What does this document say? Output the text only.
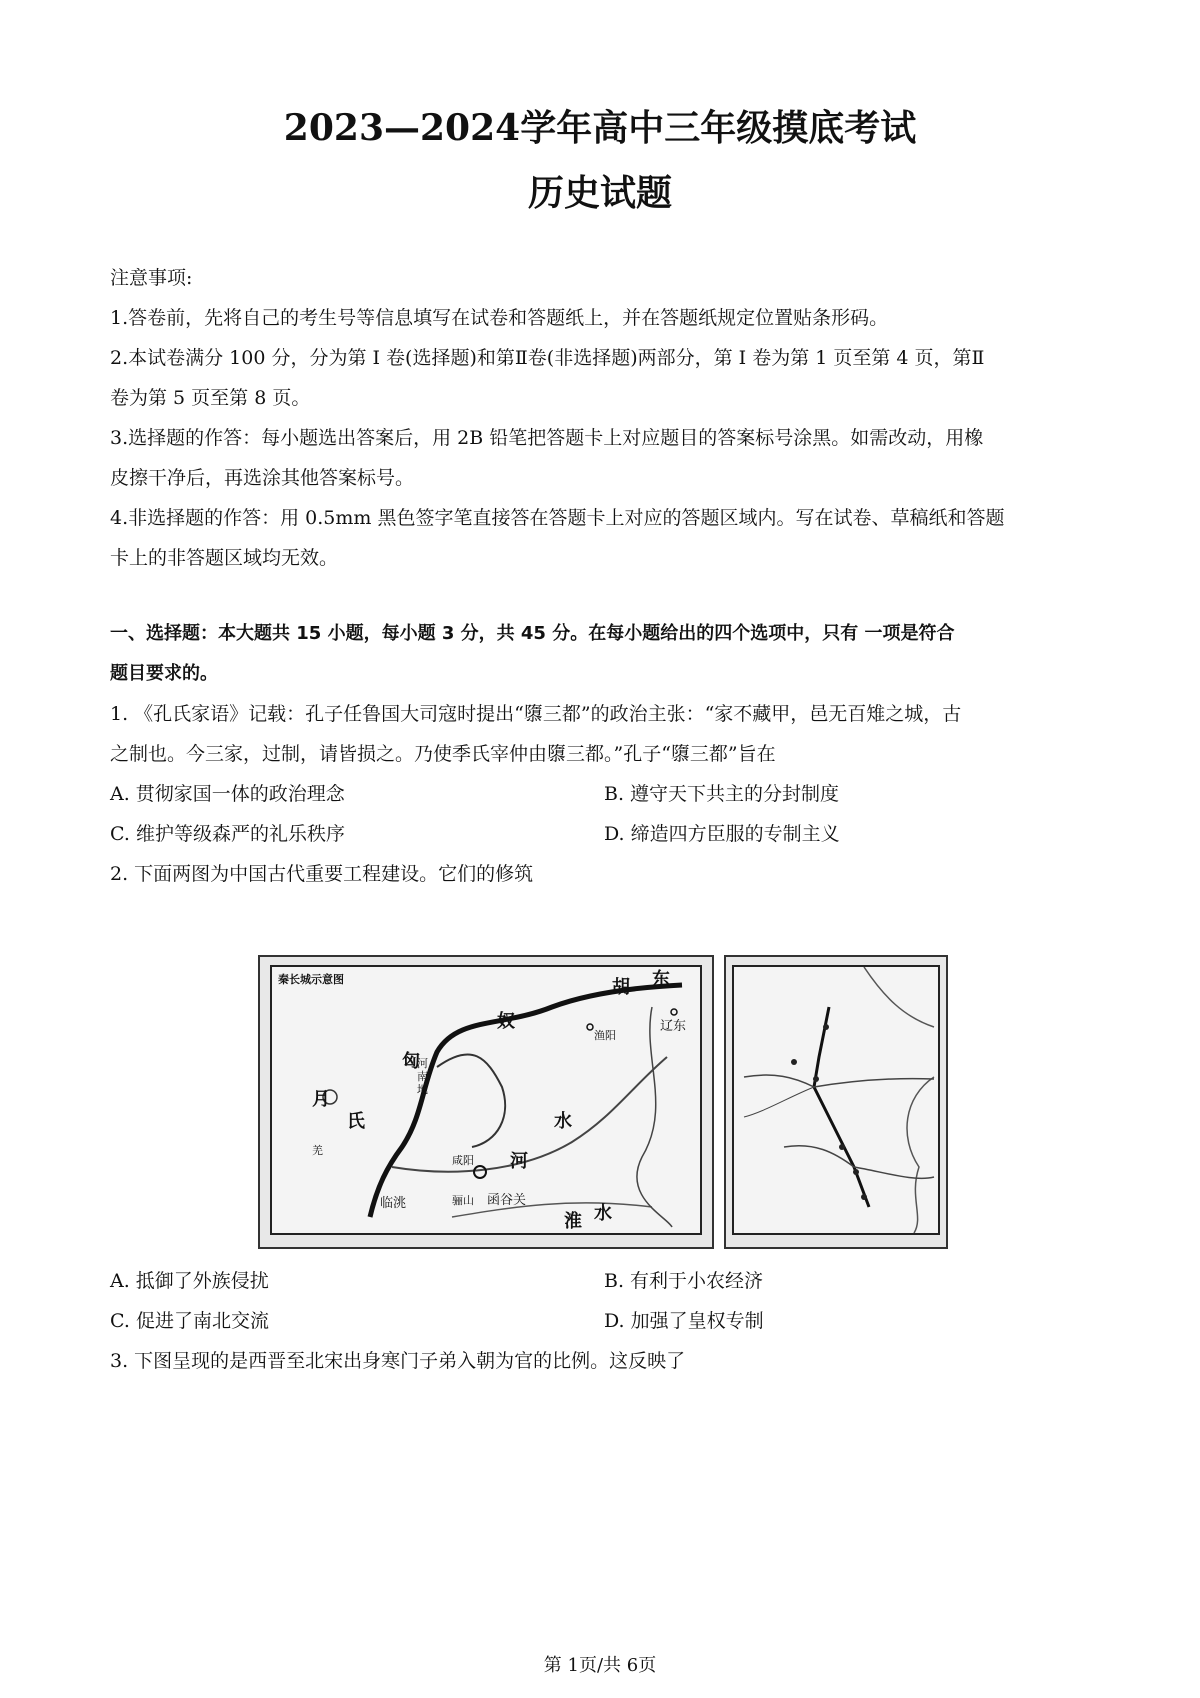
2023—2024学年高中三年级摸底考试
历史试题
注意事项:
1.答卷前，先将自己的考生号等信息填写在试卷和答题纸上，并在答题纸规定位置贴条形码。
2.本试卷满分 100 分，分为第 I 卷(选择题)和第Ⅱ卷(非选择题)两部分，第 I 卷为第 1 页至第 4 页，第Ⅱ
卷为第 5 页至第 8 页。
3.选择题的作答：每小题选出答案后，用 2B 铅笔把答题卡上对应题目的答案标号涂黑。如需改动，用橡
皮擦干净后，再选涂其他答案标号。
4.非选择题的作答：用 0.5mm 黑色签字笔直接答在答题卡上对应的答题区域内。写在试卷、草稿纸和答题
卡上的非答题区域均无效。
一、选择题：本大题共 15 小题，每小题 3 分，共 45 分。在每小题给出的四个选项中，只有 一项是符合
题目要求的。
1. 《孔氏家语》记载：孔子任鲁国大司寇时提出“隳三都”的政治主张：“家不藏甲，邑无百雉之城，古
之制也。今三家，过制，请皆损之。乃使季氏宰仲由隳三都。”孔子“隳三都”旨在
A. 贯彻家国一体的政治理念	B. 遵守天下共主的分封制度
C. 维护等级森严的礼乐秩序	D. 缔造四方臣服的专制主义
2. 下面两图为中国古代重要工程建设。它们的修筑
秦长城示意图	胡 东
奴
匈
月
氏
羌
辽东
渔阳
河南地
咸阳
临洮	骊山 函谷关
河
水
淮 水
A. 抵御了外族侵扰	B. 有利于小农经济
C. 促进了南北交流	D. 加强了皇权专制
3. 下图呈现的是西晋至北宋出身寒门子弟入朝为官的比例。这反映了
第 1页/共 6页
